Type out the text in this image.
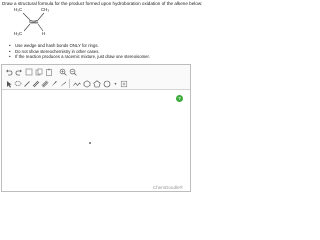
Draw a structural formula for the product formed upon hydroboration oxidation of the alkene below:
H₃C	CH₃
C═C
H₃C	H
• Use wedge and hash bonds ONLY for rings.
• Do not show stereochemistry in other cases.
• If the reaction produces a racemic mixture, just draw one stereoisomer.
▾
?
ChemDoodle®
